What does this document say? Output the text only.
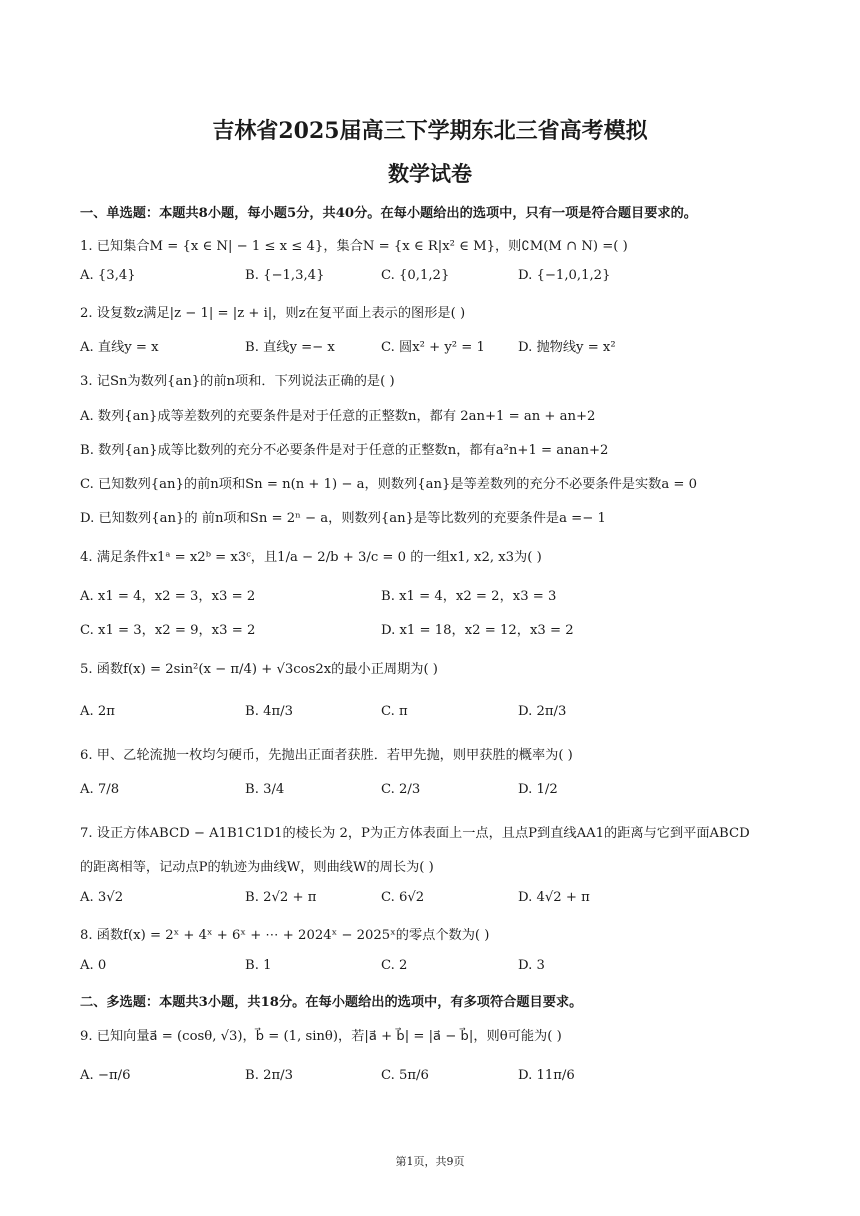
吉林省2025届高三下学期东北三省高考模拟
数学试卷
一、单选题：本题共8小题，每小题5分，共40分。在每小题给出的选项中，只有一项是符合题目要求的。
1. 已知集合M = {x ∈ N| − 1 ≤ x ≤ 4}，集合N = {x ∈ R|x² ∈ M}，则∁M(M ∩ N) =( )
A. {3,4}	B. {−1,3,4}	C. {0,1,2}	D. {−1,0,1,2}
2. 设复数z满足|z − 1| = |z + i|，则z在复平面上表示的图形是( )
A. 直线y = x	B. 直线y =− x	C. 圆x² + y² = 1	D. 抛物线y = x²
3. 记Sn为数列{an}的前n项和．下列说法正确的是( )
A. 数列{an}成等差数列的充要条件是对于任意的正整数n，都有 2an+1 = an + an+2
B. 数列{an}成等比数列的充分不必要条件是对于任意的正整数n，都有a²n+1 = anan+2
C. 已知数列{an}的前n项和Sn = n(n + 1) − a，则数列{an}是等差数列的充分不必要条件是实数a = 0
D. 已知数列{an}的 前n项和Sn = 2ⁿ − a，则数列{an}是等比数列的充要条件是a =− 1
4. 满足条件x1ᵃ = x2ᵇ = x3ᶜ，且1/a − 2/b + 3/c = 0 的一组x1, x2, x3为( )
A. x1 = 4，x2 = 3，x3 = 2	B. x1 = 4，x2 = 2，x3 = 3
C. x1 = 3，x2 = 9，x3 = 2	D. x1 = 18，x2 = 12，x3 = 2
5. 函数f(x) = 2sin²(x − π/4) + √3cos2x的最小正周期为( )
A. 2π	B. 4π/3	C. π	D. 2π/3
6. 甲、乙轮流抛一枚均匀硬币，先抛出正面者获胜．若甲先抛，则甲获胜的概率为( )
A. 7/8	B. 3/4	C. 2/3	D. 1/2
7. 设正方体ABCD − A1B1C1D1的棱长为 2，P为正方体表面上一点，且点P到直线AA1的距离与它到平面ABCD
的距离相等，记动点P的轨迹为曲线W，则曲线W的周长为( )
A. 3√2	B. 2√2 + π	C. 6√2	D. 4√2 + π
8. 函数f(x) = 2ˣ + 4ˣ + 6ˣ + ⋯ + 2024ˣ − 2025ˣ的零点个数为( )
A. 0	B. 1	C. 2	D. 3
二、多选题：本题共3小题，共18分。在每小题给出的选项中，有多项符合题目要求。
9. 已知向量a⃗ = (cosθ, √3)，b⃗ = (1, sinθ)，若|a⃗ + b⃗| = |a⃗ − b⃗|，则θ可能为( )
A. −π/6	B. 2π/3	C. 5π/6	D. 11π/6
第1页，共9页
